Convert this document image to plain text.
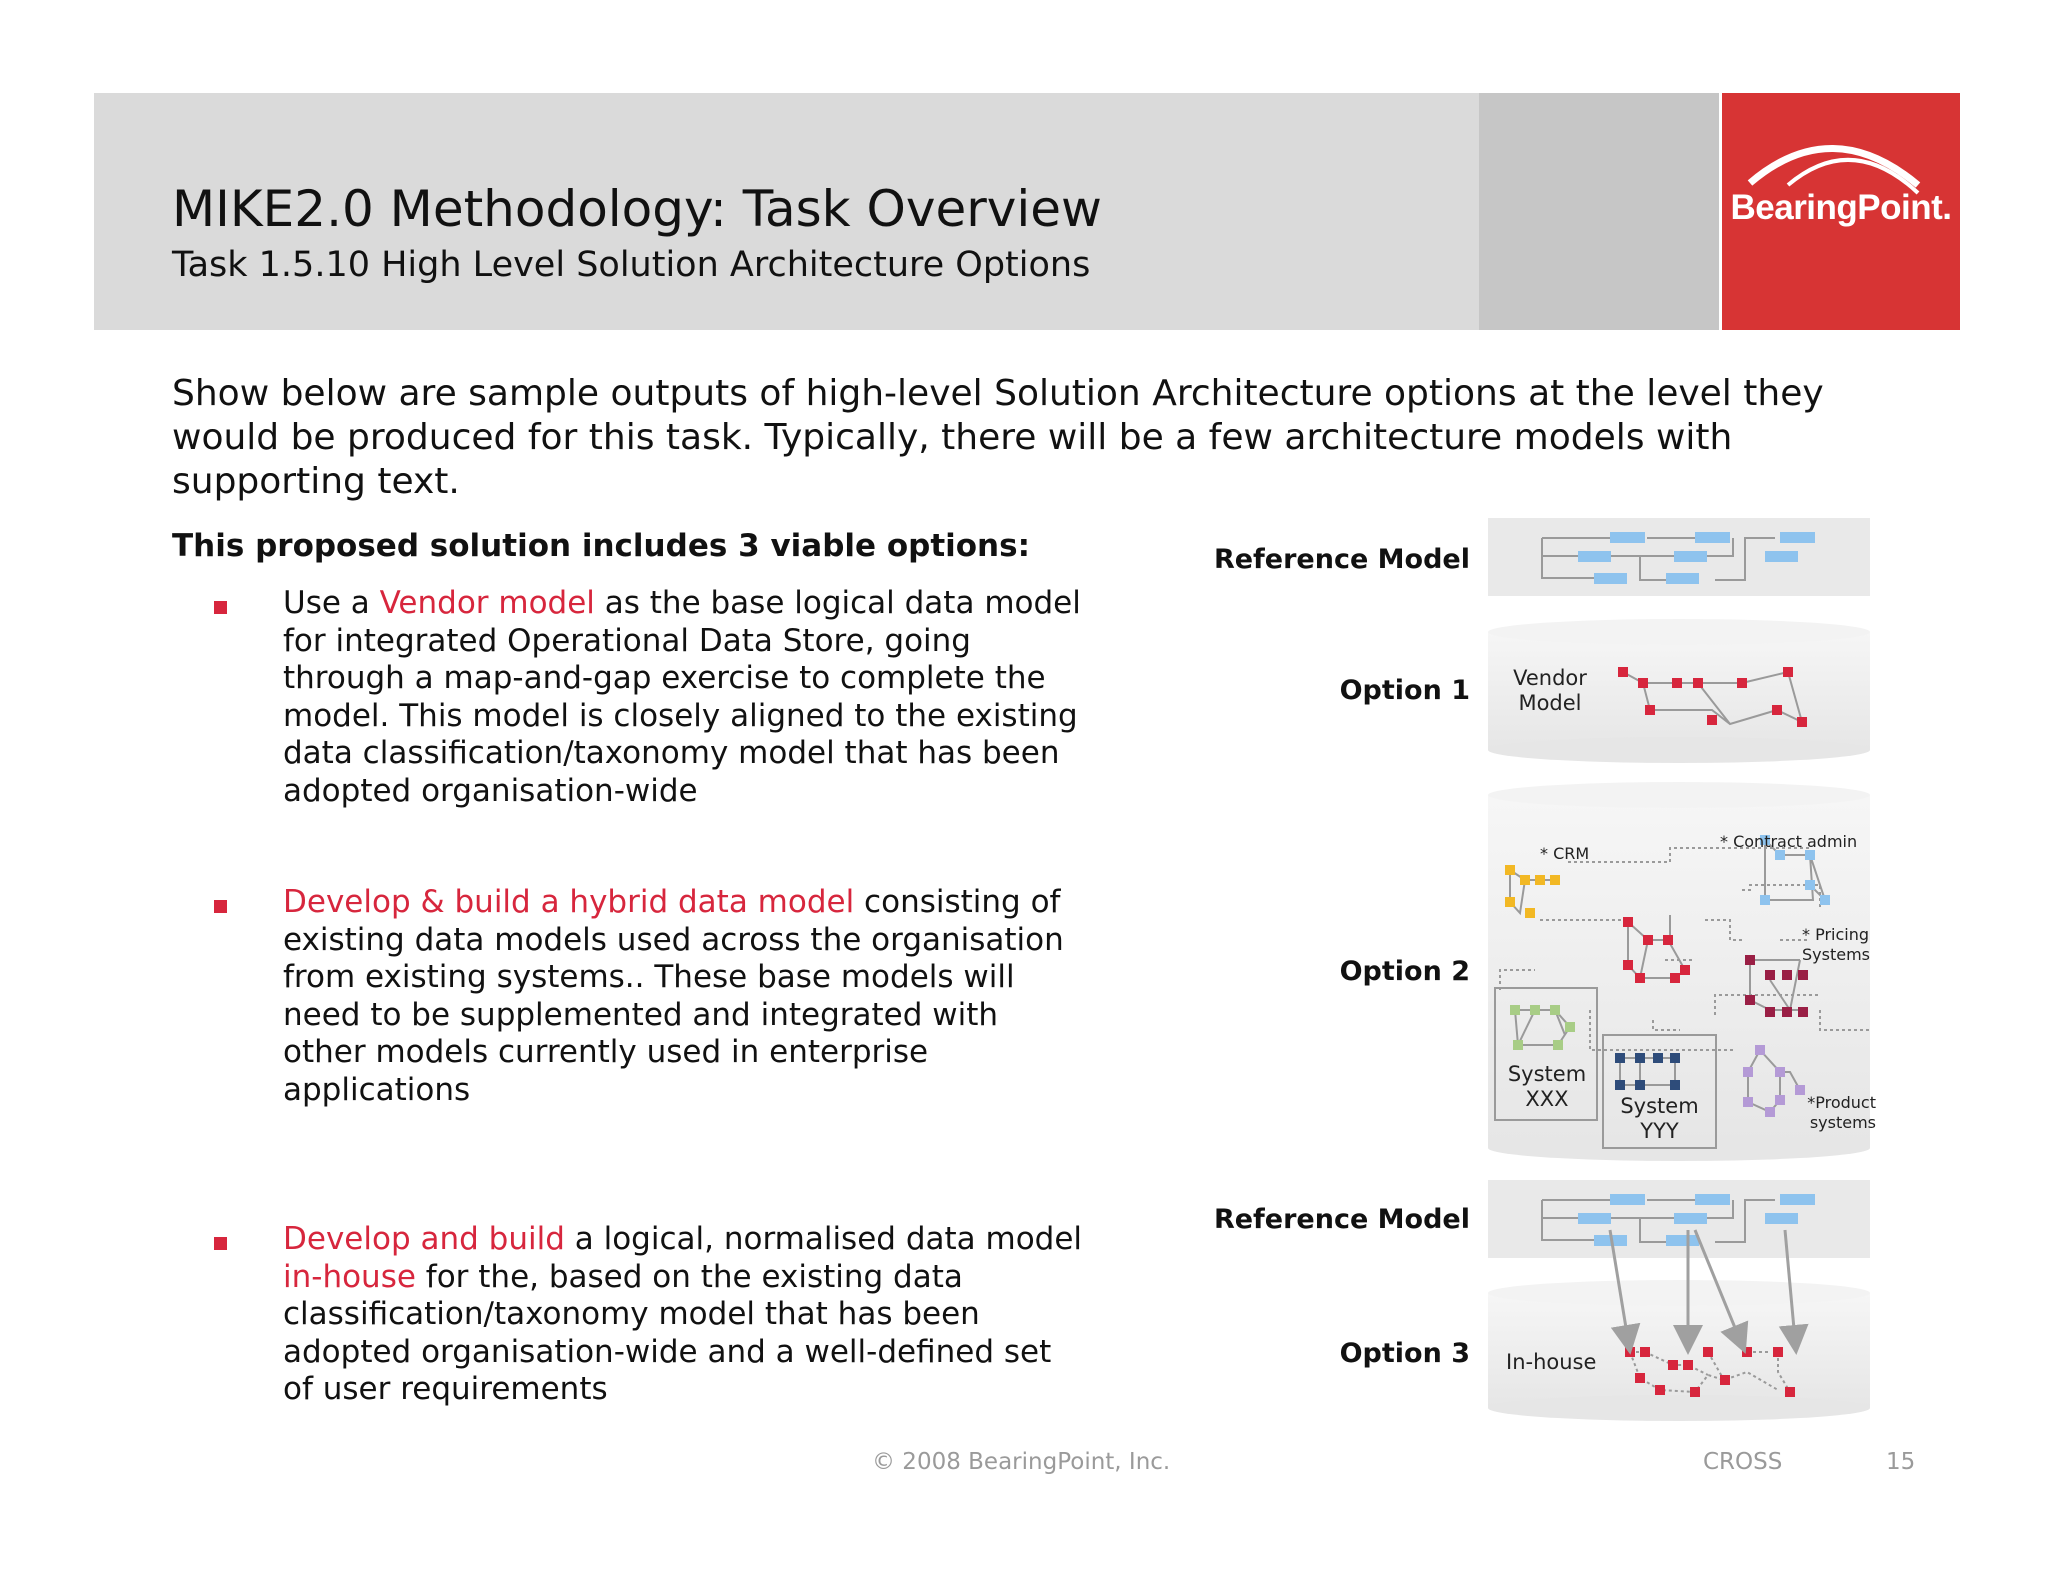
BearingPoint.
MIKE2.0 Methodology: Task Overview
Task 1.5.10 High Level Solution Architecture Options
Show below are sample outputs of high-level Solution Architecture options at the level they would be produced for this task. Typically, there will be a few architecture models with supporting text.
This proposed solution includes 3 viable options:
Use a Vendor model as the base logical data model
for integrated Operational Data Store, going
through a map-and-gap exercise to complete the
model. This model is closely aligned to the existing
data classification/taxonomy model that has been
adopted organisation-wide
Develop & build a hybrid data model consisting of
existing data models used across the organisation
from existing systems.. These base models will
need to be supplemented and integrated with
other models currently used in enterprise
applications
Develop and build a logical, normalised data model
in-house for the, based on the existing data
classification/taxonomy model that has been
adopted organisation-wide and a well-defined set
of user requirements
Reference Model
Option 1
Option 2
Reference Model
Option 3
Vendor
Model
* CRM
* Contract admin
* Pricing
Systems
System
XXX	System
YYY
*Product
systems
In-house
© 2008 BearingPoint, Inc.	CROSS	15
